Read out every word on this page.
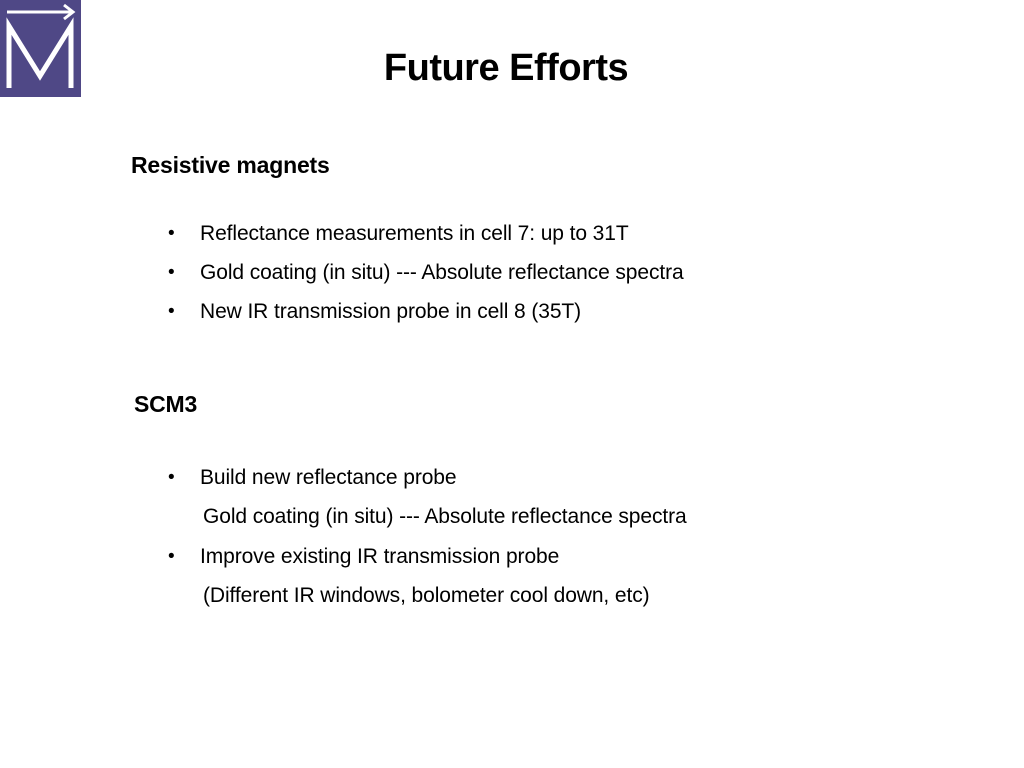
Future Efforts
Resistive magnets
• Reflectance measurements in cell 7: up to 31T
• Gold coating (in situ) --- Absolute reflectance spectra
• New IR transmission probe in cell 8 (35T)
SCM3
• Build new reflectance probe
Gold coating (in situ) --- Absolute reflectance spectra
• Improve existing IR transmission probe
(Different IR windows, bolometer cool down, etc)
